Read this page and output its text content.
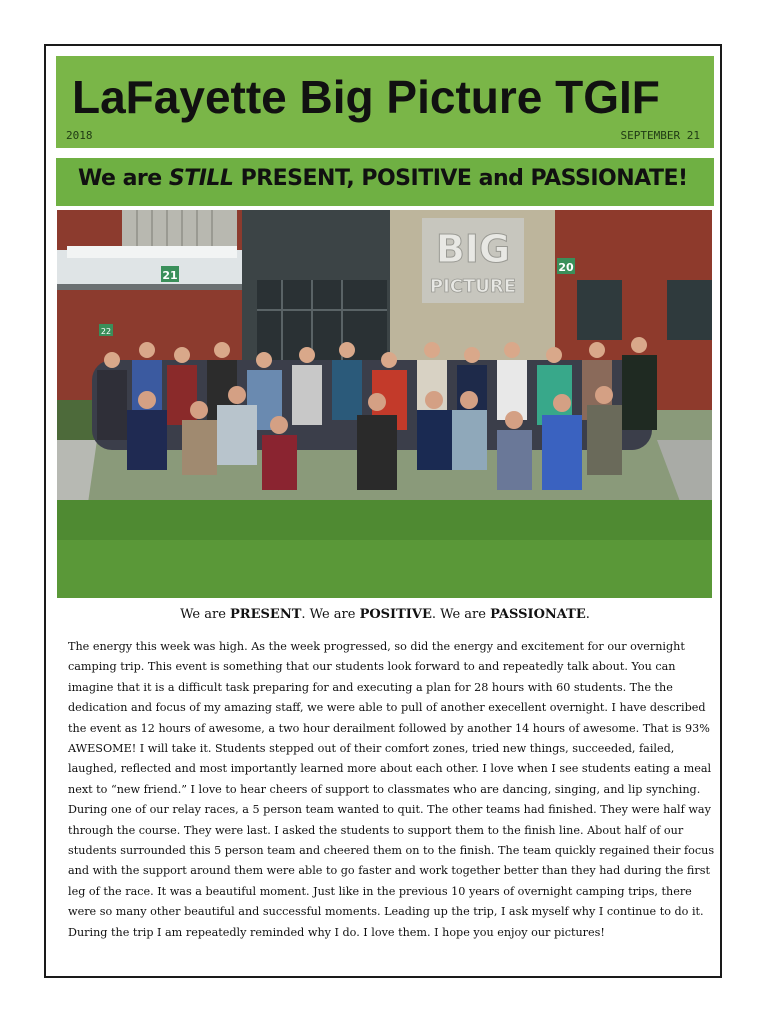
LaFayette Big Picture TGIF
2018	SEPTEMBER 21
We are STILL PRESENT, POSITIVE and PASSIONATE!
BIG
PICTURE
21
20
22
We are PRESENT. We are POSITIVE. We are PASSIONATE.

The energy this week was high. As the week progressed, so did the energy and excitement for our overnight camping trip. This event is something that our students look forward to and repeatedly talk about. You can imagine that it is a difficult task preparing for and executing a plan for 28 hours with 60 students. The the dedication and focus of my amazing staff, we were able to pull of another execellent overnight. I have described the event as 12 hours of awesome, a two hour derailment followed by another 14 hours of awesome. That is 93% AWESOME! I will take it. Students stepped out of their comfort zones, tried new things, succeeded, failed, laughed, reflected and most importantly learned more about each other. I love when I see students eating a meal next to “new friend.” I love to hear cheers of support to classmates who are dancing, singing, and lip synching. During one of our relay races, a 5 person team wanted to quit. The other teams had finished. They were half way through the course. They were last. I asked the students to support them to the finish line. About half of our students surrounded this 5 person team and cheered them on to the finish. The team quickly regained their focus and with the support around them were able to go faster and work together better than they had during the first leg of the race. It was a beautiful moment. Just like in the previous 10 years of overnight camping trips, there were so many other beautiful and successful moments. Leading up the trip, I ask myself why I continue to do it. During the trip I am repeatedly reminded why I do. I love them. I hope you enjoy our pictures!
